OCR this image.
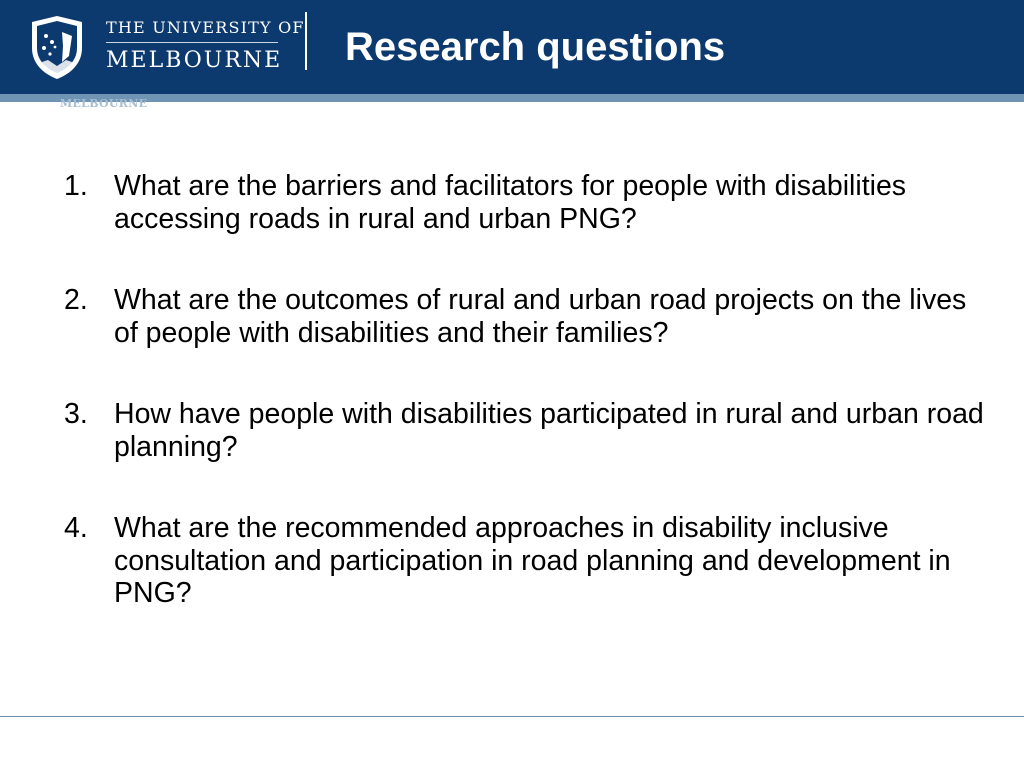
THE UNIVERSITY OF
MELBOURNE Research questions
MELBOURNE
1. What are the barriers and facilitators for people with disabilities accessing roads in rural and urban PNG?
2. What are the outcomes of rural and urban road projects on the lives of people with disabilities and their families?
3. How have people with disabilities participated in rural and urban road planning?
4. What are the recommended approaches in disability inclusive consultation and participation in road planning and development in PNG?
